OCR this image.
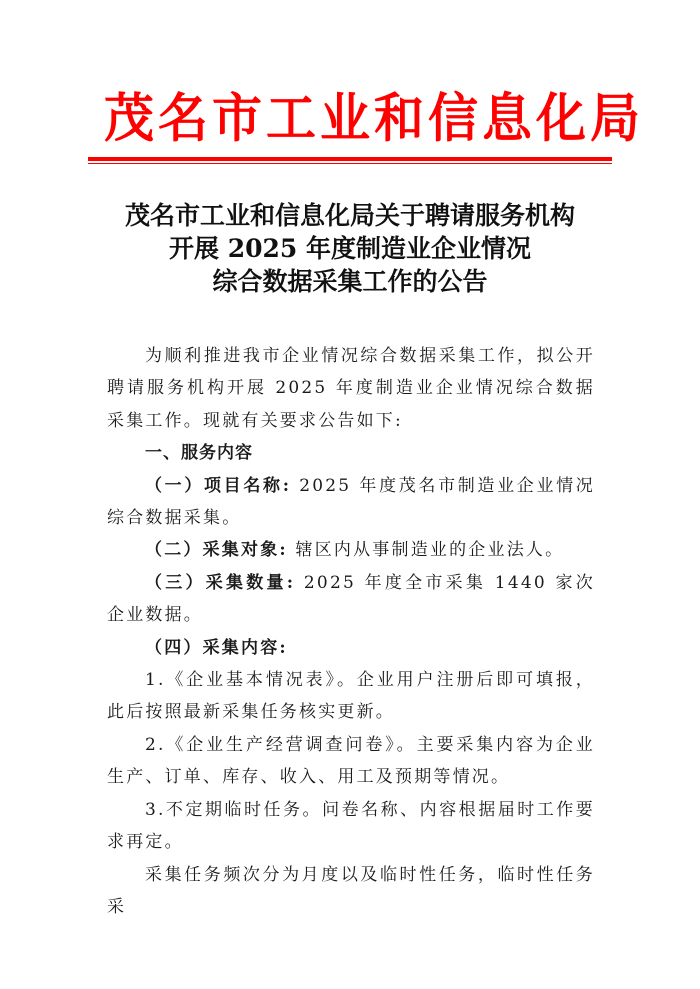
茂名市工业和信息化局
茂名市工业和信息化局关于聘请服务机构
开展 2025 年度制造业企业情况
综合数据采集工作的公告

为顺利推进我市企业情况综合数据采集工作，拟公开聘请服务机构开展 2025 年度制造业企业情况综合数据采集工作。现就有关要求公告如下:

一、服务内容

（一）项目名称: 2025 年度茂名市制造业企业情况综合数据采集。

（二）采集对象: 辖区内从事制造业的企业法人。

（三）采集数量: 2025 年度全市采集 1440 家次企业数据。

（四）采集内容:

1.《企业基本情况表》。企业用户注册后即可填报，此后按照最新采集任务核实更新。

2.《企业生产经营调查问卷》。主要采集内容为企业生产、订单、库存、收入、用工及预期等情况。

3.不定期临时任务。问卷名称、内容根据届时工作要求再定。

采集任务频次分为月度以及临时性任务，临时性任务采
